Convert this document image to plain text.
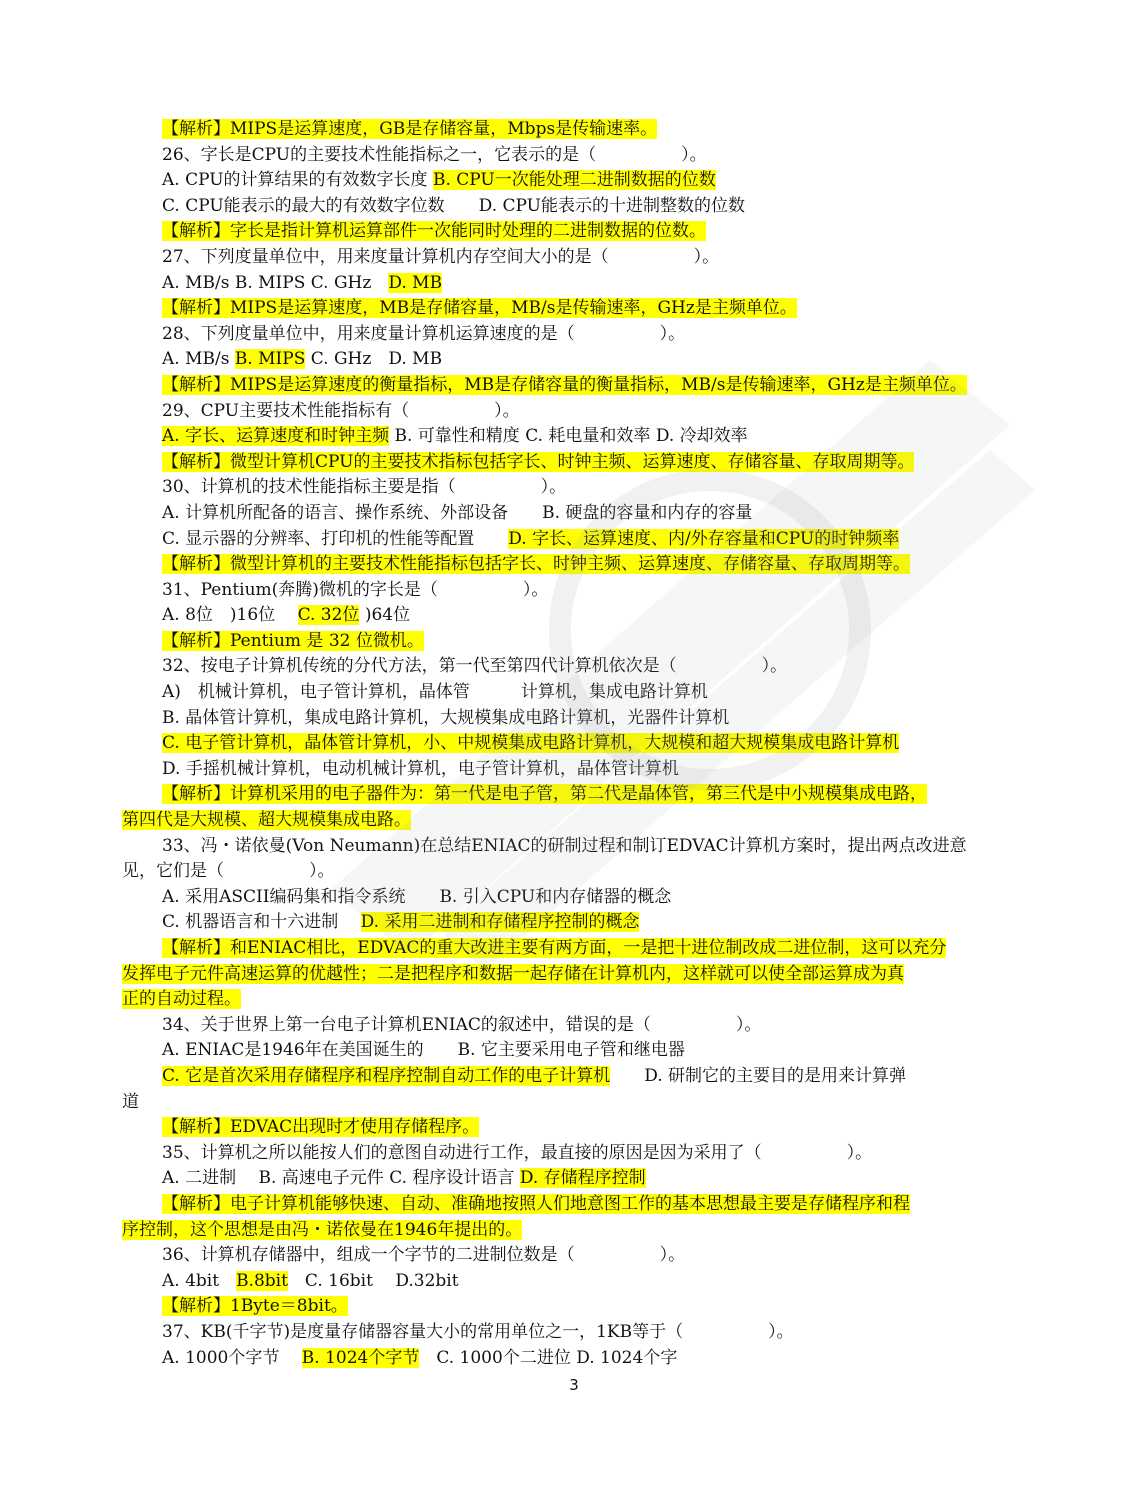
【解析】MIPS是运算速度，GB是存储容量，Mbps是传输速率。
26、字长是CPU的主要技术性能指标之一，它表示的是（　　　　　）。
A. CPU的计算结果的有效数字长度 B. CPU一次能处理二进制数据的位数
C. CPU能表示的最大的有效数字位数　　D. CPU能表示的十进制整数的位数
【解析】字长是指计算机运算部件一次能同时处理的二进制数据的位数。
27、下列度量单位中，用来度量计算机内存空间大小的是（　　　　　）。
A. MB/s B. MIPS C. GHz　D. MB
【解析】MIPS是运算速度，MB是存储容量，MB/s是传输速率，GHz是主频单位。
28、下列度量单位中，用来度量计算机运算速度的是（　　　　　）。
A. MB/s B. MIPS C. GHz　D. MB
【解析】MIPS是运算速度的衡量指标，MB是存储容量的衡量指标，MB/s是传输速率，GHz是主频单位。
29、CPU主要技术性能指标有（　　　　　）。
A. 字长、运算速度和时钟主频 B. 可靠性和精度 C. 耗电量和效率 D. 冷却效率
【解析】微型计算机CPU的主要技术指标包括字长、时钟主频、运算速度、存储容量、存取周期等。
30、计算机的技术性能指标主要是指（　　　　　）。
A. 计算机所配备的语言、操作系统、外部设备　　B. 硬盘的容量和内存的容量
C. 显示器的分辨率、打印机的性能等配置　　D. 字长、运算速度、内/外存容量和CPU的时钟频率
【解析】微型计算机的主要技术性能指标包括字长、时钟主频、运算速度、存储容量、存取周期等。
31、Pentium(奔腾)微机的字长是（　　　　　）。
A. 8位　)16位　 C. 32位 )64位
【解析】Pentium 是 32 位微机。
32、按电子计算机传统的分代方法，第一代至第四代计算机依次是（　　　　　）。
A)　机械计算机，电子管计算机，晶体管　　　计算机，集成电路计算机
B. 晶体管计算机，集成电路计算机，大规模集成电路计算机，光器件计算机
C. 电子管计算机，晶体管计算机，小、中规模集成电路计算机，大规模和超大规模集成电路计算机
D. 手摇机械计算机，电动机械计算机，电子管计算机，晶体管计算机
【解析】计算机采用的电子器件为：第一代是电子管，第二代是晶体管，第三代是中小规模集成电路，
第四代是大规模、超大规模集成电路。
33、冯・诺依曼(Von Neumann)在总结ENIAC的研制过程和制订EDVAC计算机方案时，提出两点改进意
见，它们是（　　　　　）。
A. 采用ASCII编码集和指令系统　　B. 引入CPU和内存储器的概念
C. 机器语言和十六进制　 D. 采用二进制和存储程序控制的概念
【解析】和ENIAC相比，EDVAC的重大改进主要有两方面，一是把十进位制改成二进位制，这可以充分
发挥电子元件高速运算的优越性；二是把程序和数据一起存储在计算机内，这样就可以使全部运算成为真
正的自动过程。
34、关于世界上第一台电子计算机ENIAC的叙述中，错误的是（　　　　　）。
A. ENIAC是1946年在美国诞生的　　B. 它主要采用电子管和继电器
C. 它是首次采用存储程序和程序控制自动工作的电子计算机　　D. 研制它的主要目的是用来计算弹
道
【解析】EDVAC出现时才使用存储程序。
35、计算机之所以能按人们的意图自动进行工作，最直接的原因是因为采用了（　　　　　）。
A. 二进制　 B. 高速电子元件 C. 程序设计语言 D. 存储程序控制
【解析】电子计算机能够快速、自动、准确地按照人们地意图工作的基本思想最主要是存储程序和程
序控制，这个思想是由冯・诺依曼在1946年提出的。
36、计算机存储器中，组成一个字节的二进制位数是（　　　　　）。
A. 4bit　B.8bit　C. 16bit　 D.32bit
【解析】1Byte＝8bit。
37、KB(千字节)是度量存储器容量大小的常用单位之一，1KB等于（　　　　　）。
A. 1000个字节　 B. 1024个字节　C. 1000个二进位 D. 1024个字
3
